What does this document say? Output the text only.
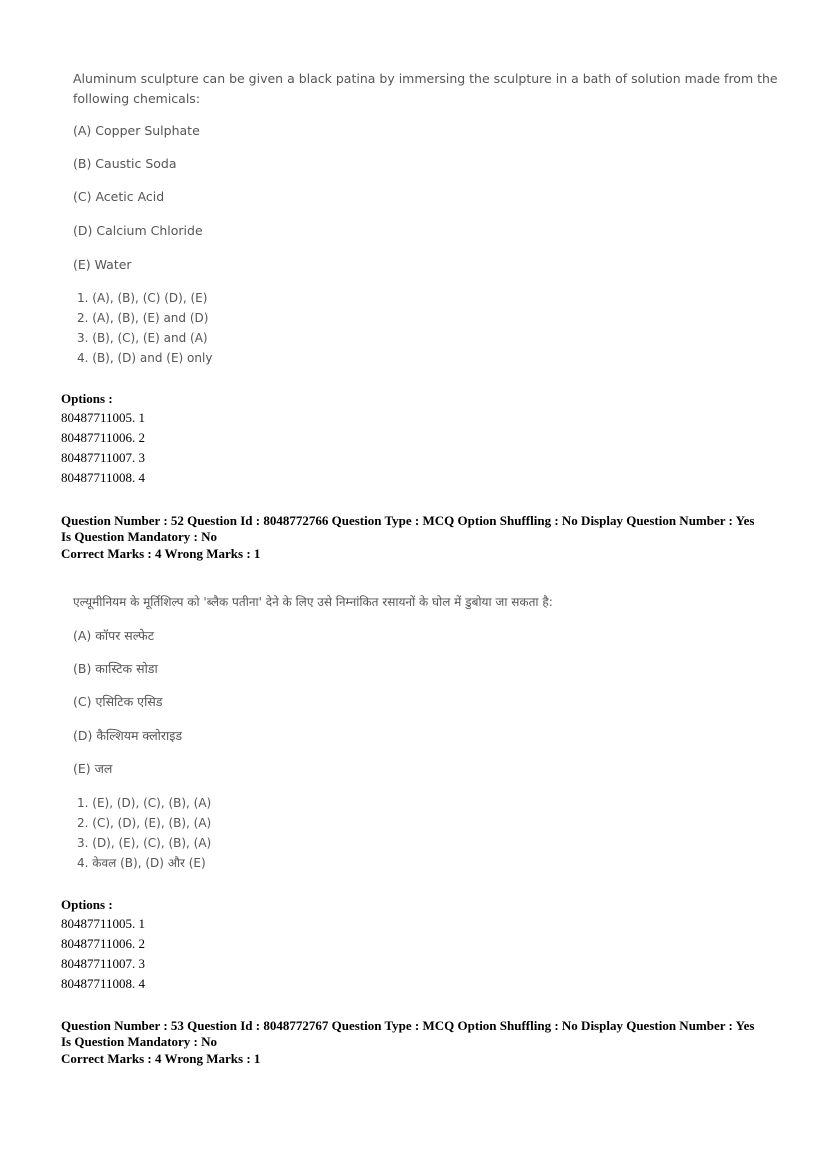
Aluminum sculpture can be given a black patina by immersing the sculpture in a bath of solution made from the

following chemicals:

(A) Copper Sulphate

(B) Caustic Soda

(C) Acetic Acid

(D) Calcium Chloride

(E) Water

1. (A), (B), (C) (D), (E)

2. (A), (B), (E) and (D)

3. (B), (C), (E) and (A)

4. (B), (D) and (E) only

Options :
80487711005. 1
80487711006. 2
80487711007. 3
80487711008. 4
Question Number : 52 Question Id : 8048772766 Question Type : MCQ Option Shuffling : No Display Question Number : Yes
Is Question Mandatory : No
Correct Marks : 4 Wrong Marks : 1

एल्यूमीनियम के मूर्तिशिल्प को 'ब्लैक पतीना' देने के लिए उसे निम्नांकित रसायनों के घोल में डुबोया जा सकता है:

(A) कॉपर सल्फेट

(B) कास्टिक सोडा

(C) एसिटिक एसिड

(D) कैल्शियम क्लोराइड

(E) जल

1. (E), (D), (C), (B), (A)

2. (C), (D), (E), (B), (A)

3. (D), (E), (C), (B), (A)

4. केवल (B), (D) और (E)

Options :
80487711005. 1
80487711006. 2
80487711007. 3
80487711008. 4
Question Number : 53 Question Id : 8048772767 Question Type : MCQ Option Shuffling : No Display Question Number : Yes
Is Question Mandatory : No
Correct Marks : 4 Wrong Marks : 1
